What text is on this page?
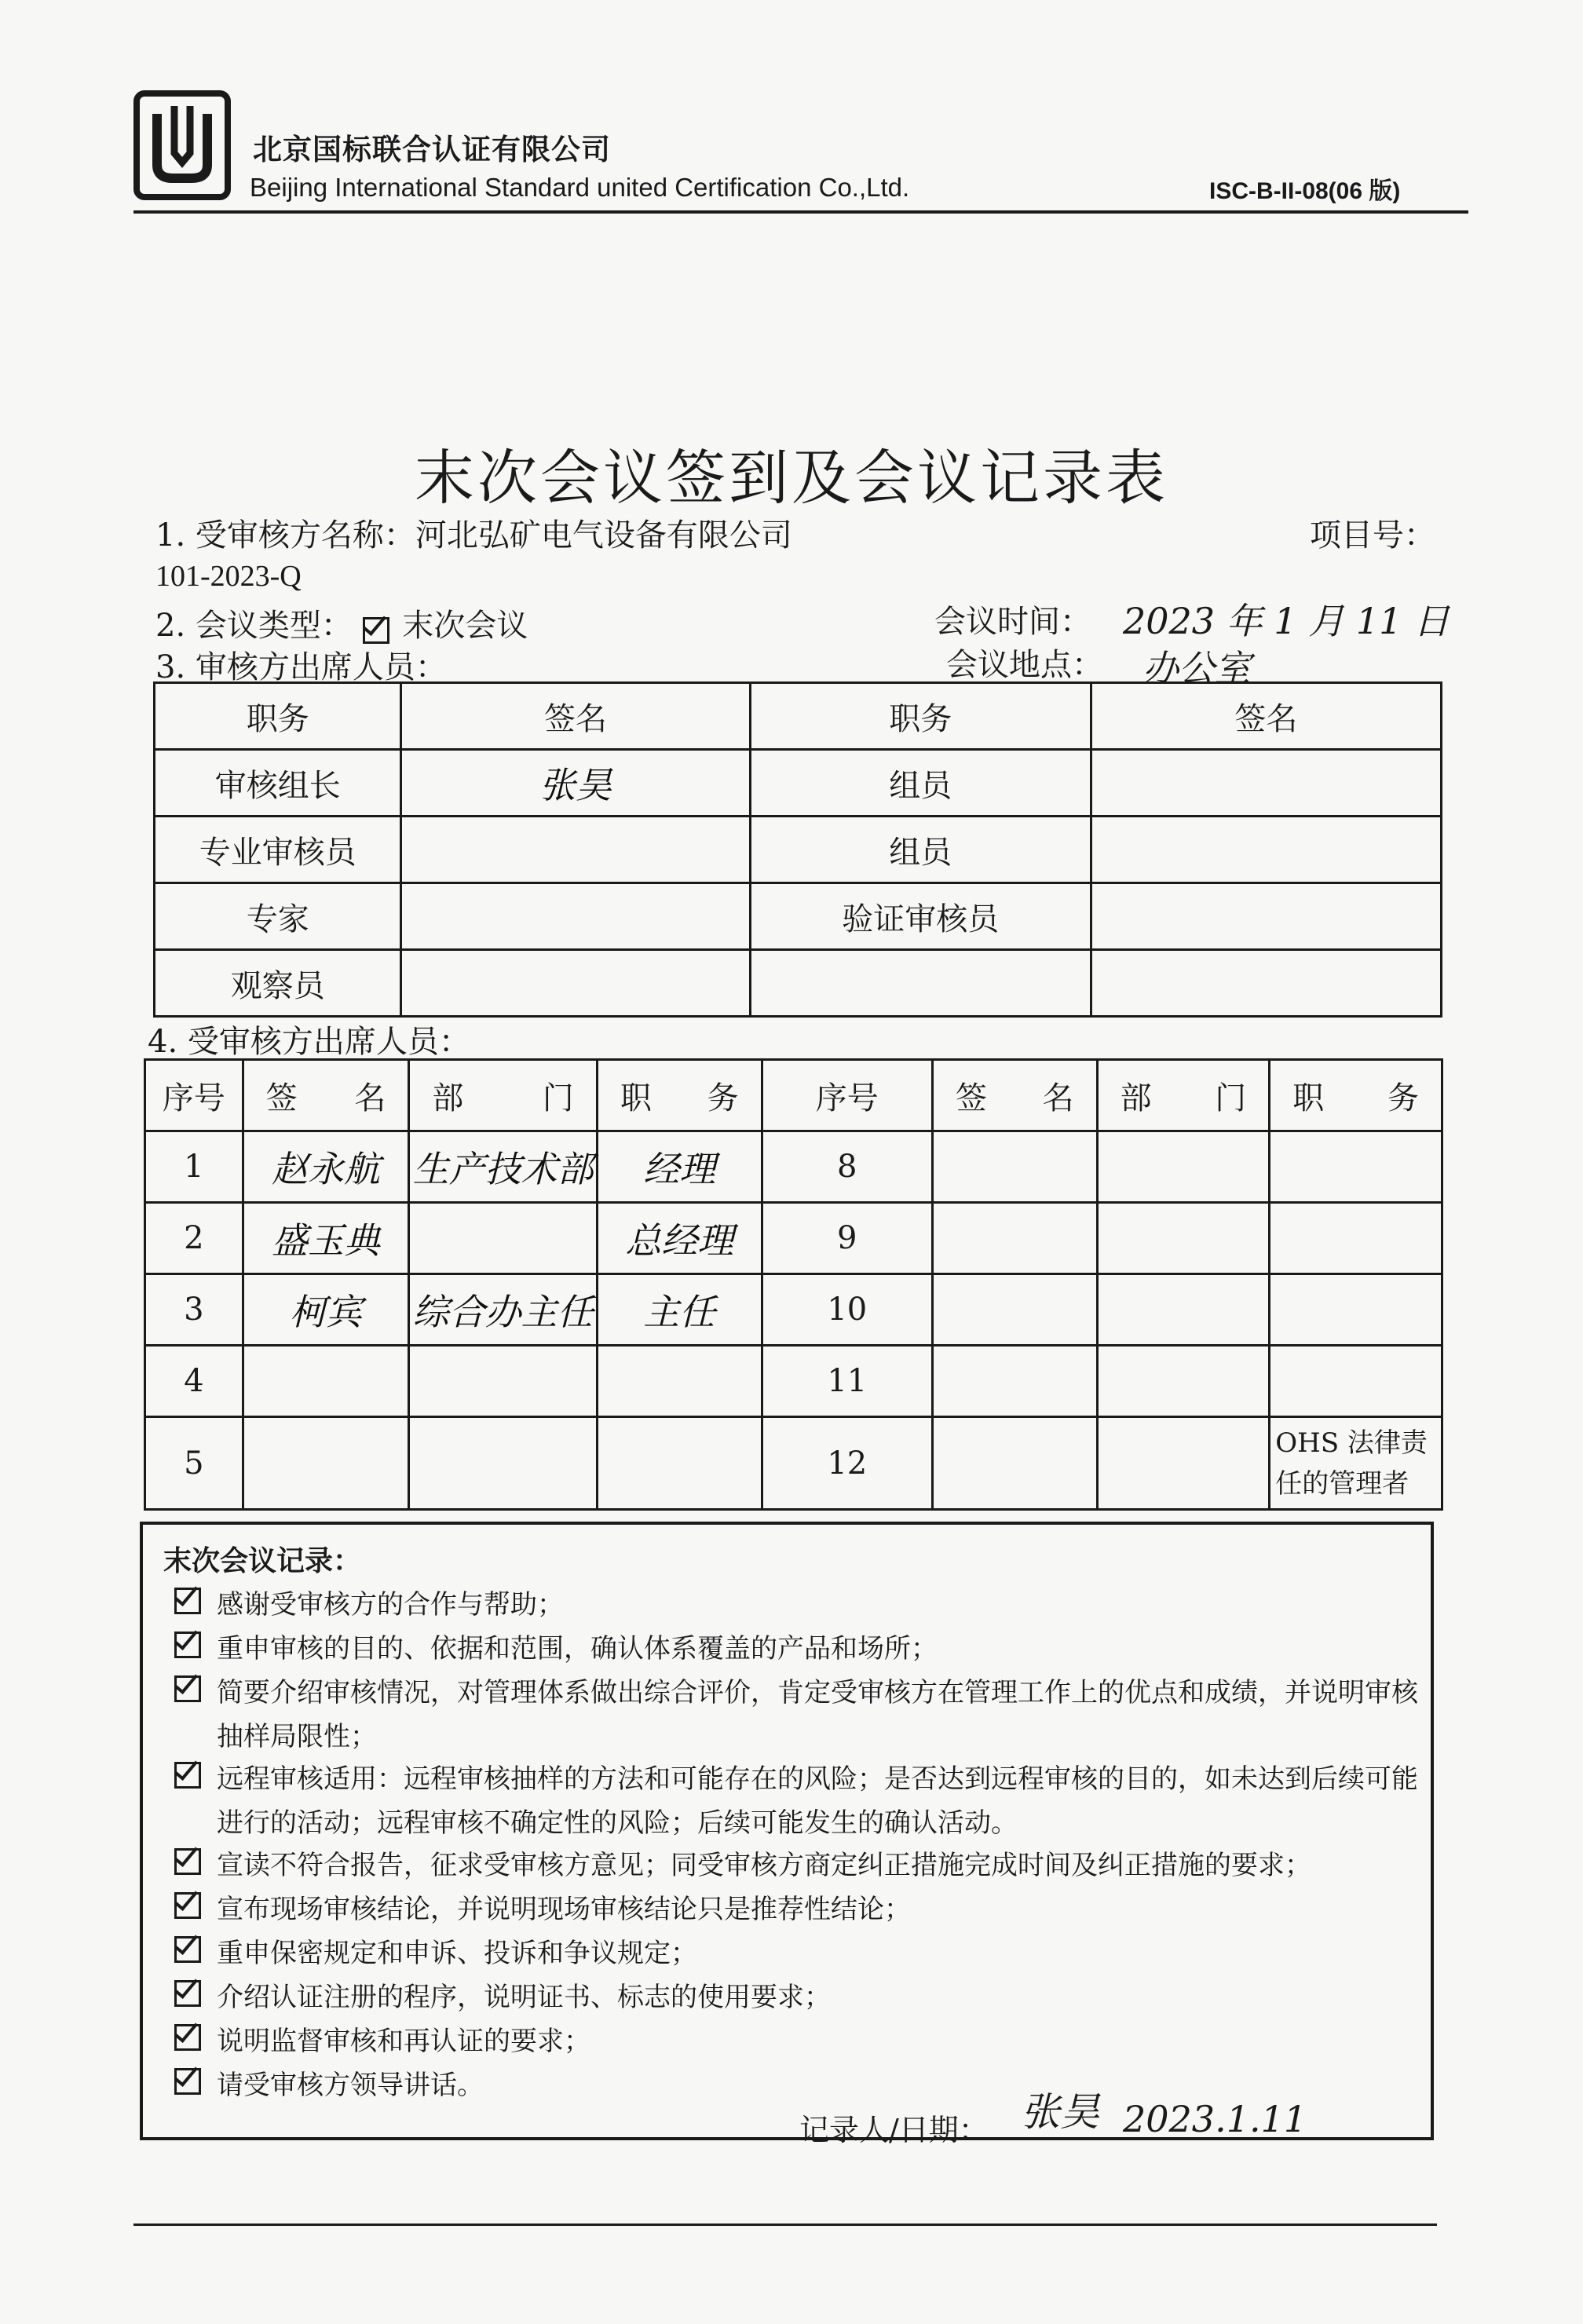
北京国标联合认证有限公司
Beijing International Standard united Certification Co.,Ltd.	ISC-B-II-08(06 版)
末次会议签到及会议记录表
1. 受审核方名称：河北弘矿电气设备有限公司	项目号：
101-2023-Q
2. 会议类型： 末次会议	会议时间： 2023 年 1 月 11 日
3. 审核方出席人员：	会议地点： 办公室
职务	签名	职务	签名
审核组长	张昊	组员	
专业审核员		组员	
专家		验证审核员	
观察员			
4. 受审核方出席人员：
序号	签 名	部 门	职 务	序号	签 名	部 门	职 务

1	赵永航	生产技术部	经理	8			
2	盛玉典		总经理	9			
3	柯宾	综合办主任	主任	10			
4				11			
5				12			OHS 法律责任的管理者
末次会议记录：
感谢受审核方的合作与帮助；
重申审核的目的、依据和范围，确认体系覆盖的产品和场所；
简要介绍审核情况，对管理体系做出综合评价，肯定受审核方在管理工作上的优点和成绩，并说明审核抽样局限性；
远程审核适用：远程审核抽样的方法和可能存在的风险；是否达到远程审核的目的，如未达到后续可能进行的活动；远程审核不确定性的风险；后续可能发生的确认活动。
宣读不符合报告，征求受审核方意见；同受审核方商定纠正措施完成时间及纠正措施的要求；
宣布现场审核结论，并说明现场审核结论只是推荐性结论；
重申保密规定和申诉、投诉和争议规定；
介绍认证注册的程序，说明证书、标志的使用要求；
说明监督审核和再认证的要求；
请受审核方领导讲话。
记录人/日期： 张昊 2023.1.11
